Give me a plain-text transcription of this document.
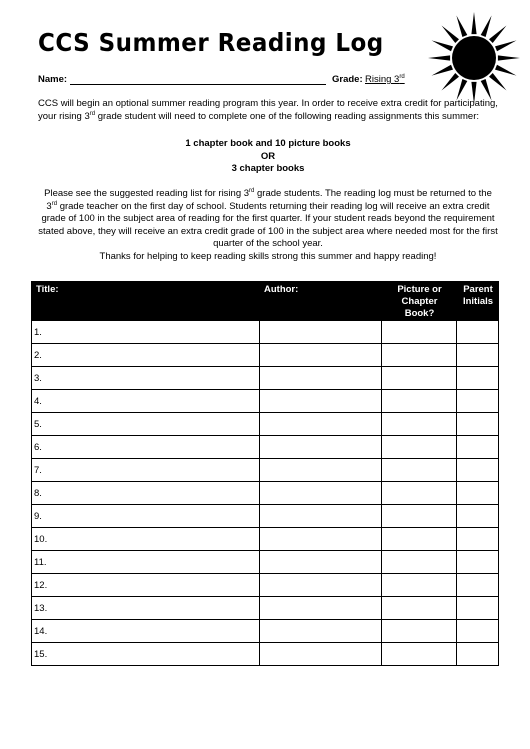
CCS Summer Reading Log
Name:	Grade: Rising 3rd
CCS will begin an optional summer reading program this year. In order to receive extra credit for participating, your rising 3rd grade student will need to complete one of the following reading assignments this summer:
1 chapter book and 10 picture books
OR
3 chapter books
Please see the suggested reading list for rising 3rd grade students. The reading log must be returned to the 3rd grade teacher on the first day of school. Students returning their reading log will receive an extra credit grade of 100 in the subject area of reading for the first quarter. If your student reads beyond the requirement stated above, they will receive an extra credit grade of 100 in the subject area where needed most for the first quarter of the school year.
Thanks for helping to keep reading skills strong this summer and happy reading!
Title:	Author:	Picture or Chapter Book?	Parent Initials
1.			
2.			
3.			
4.			
5.			
6.			
7.			
8.			
9.			
10.			
11.			
12.			
13.			
14.			
15.			
